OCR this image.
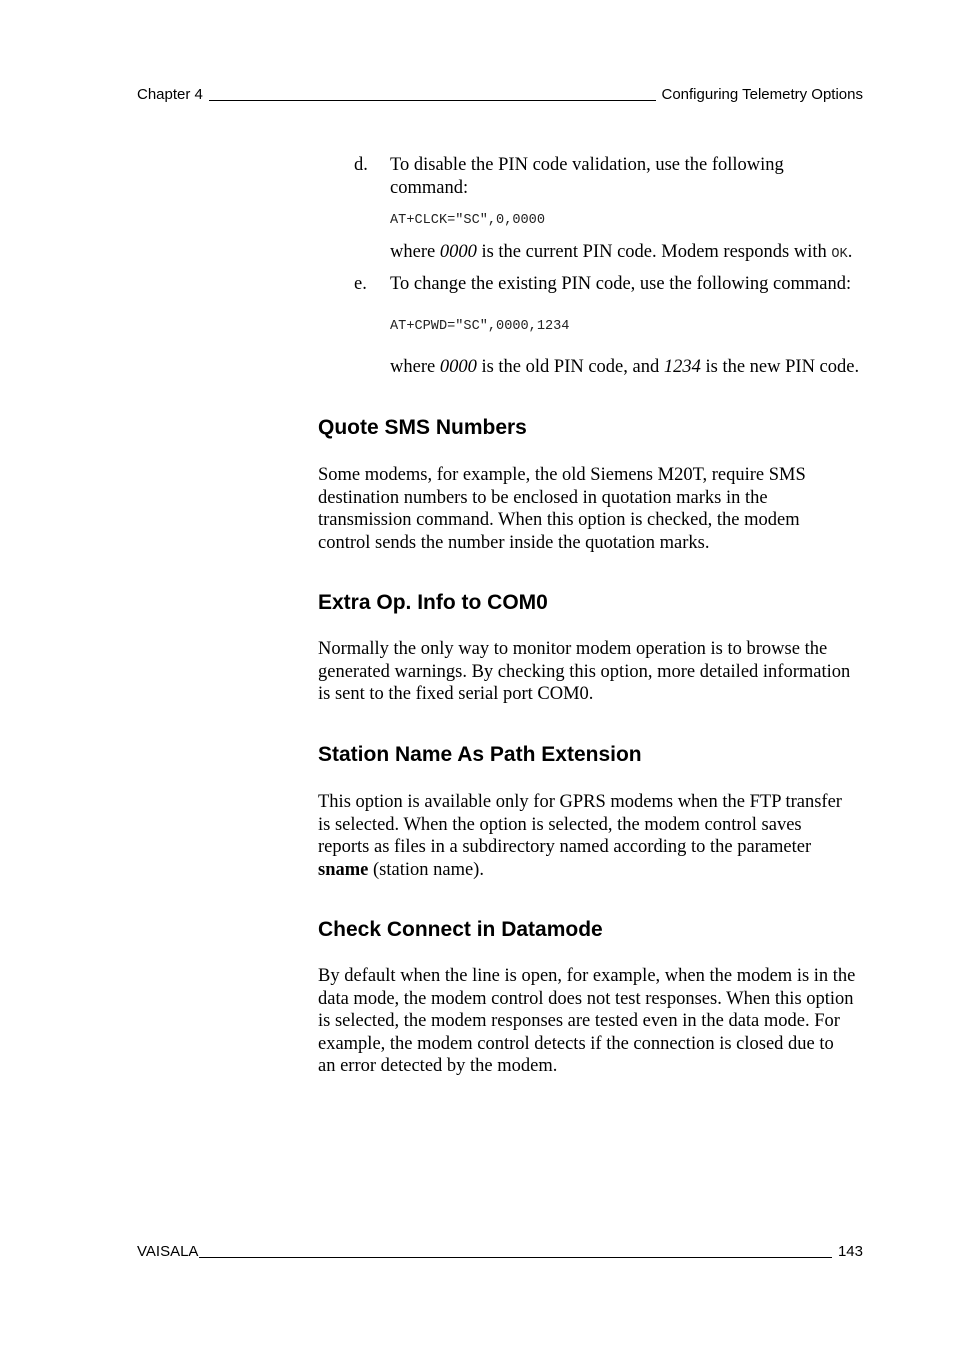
Chapter 4	Configuring Telemetry Options
d. To disable the PIN code validation, use the following command:
AT+CLCK="SC",0,0000
where 0000 is the current PIN code. Modem responds with OK.
e. To change the existing PIN code, use the following command:
AT+CPWD="SC",0000,1234
where 0000 is the old PIN code, and 1234 is the new PIN code.
Quote SMS Numbers
Some modems, for example, the old Siemens M20T, require SMS
destination numbers to be enclosed in quotation marks in the
transmission command. When this option is checked, the modem
control sends the number inside the quotation marks.
Extra Op. Info to COM0
Normally the only way to monitor modem operation is to browse the
generated warnings. By checking this option, more detailed information
is sent to the fixed serial port COM0.
Station Name As Path Extension
This option is available only for GPRS modems when the FTP transfer
is selected. When the option is selected, the modem control saves
reports as files in a subdirectory named according to the parameter
sname (station name).
Check Connect in Datamode
By default when the line is open, for example, when the modem is in the
data mode, the modem control does not test responses. When this option
is selected, the modem responses are tested even in the data mode. For
example, the modem control detects if the connection is closed due to
an error detected by the modem.
VAISALA	143
